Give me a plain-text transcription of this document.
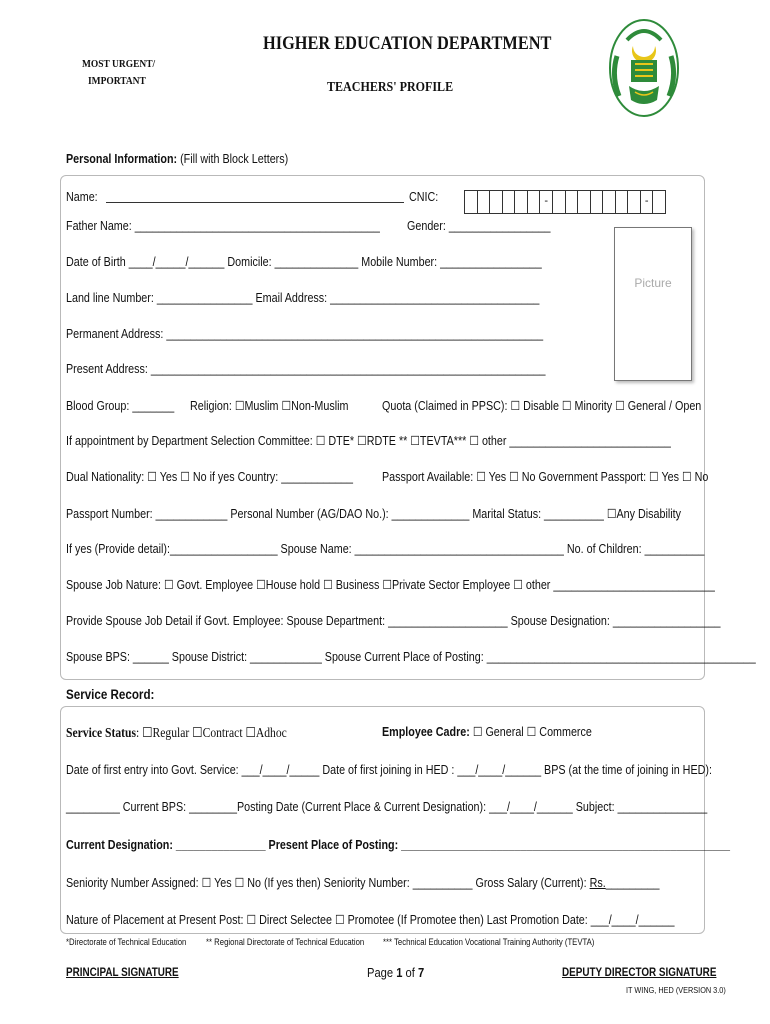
MOST URGENT/
IMPORTANT
HIGHER EDUCATION DEPARTMENT
TEACHERS' PROFILE
Personal Information: (Fill with Block Letters)
Picture
Name:	CNIC:	-	-
Father Name: _________________________________________ Gender: _________________
Date of Birth ____/_____/______ Domicile: ______________ Mobile Number: _________________
Land line Number: ________________ Email Address: ___________________________________
Permanent Address: _______________________________________________________________
Present Address: __________________________________________________________________
Blood Group: _______ Religion: ☐Muslim ☐Non-Muslim	Quota (Claimed in PPSC): ☐ Disable ☐ Minority ☐ General / Open
If appointment by Department Selection Committee: ☐ DTE* ☐RDTE ** ☐TEVTA*** ☐ other ___________________________
Dual Nationality: ☐ Yes ☐ No if yes Country: ____________ Passport Available: ☐ Yes ☐ No Government Passport: ☐ Yes ☐ No
Passport Number: ____________ Personal Number (AG/DAO No.): _____________ Marital Status: __________ ☐Any Disability
If yes (Provide detail):__________________ Spouse Name: ___________________________________ No. of Children: __________
Spouse Job Nature: ☐ Govt. Employee ☐House hold ☐ Business ☐Private Sector Employee ☐ other ___________________________
Provide Spouse Job Detail if Govt. Employee: Spouse Department: ____________________ Spouse Designation: __________________
Spouse BPS: ______ Spouse District: ____________ Spouse Current Place of Posting: _____________________________________________
Service Record:
Service Status: ☐Regular ☐Contract ☐Adhoc	Employee Cadre: ☐ General ☐ Commerce
Date of first entry into Govt. Service: ___/____/_____ Date of first joining in HED : ___/____/______ BPS (at the time of joining in HED):
_________ Current BPS: ________Posting Date (Current Place & Current Designation): ___/____/______ Subject: _______________
Current Designation: _______________ Present Place of Posting: _______________________________________________________
Seniority Number Assigned: ☐ Yes ☐ No (If yes then) Seniority Number: __________ Gross Salary (Current): Rs._________
Nature of Placement at Present Post: ☐ Direct Selectee ☐ Promotee (If Promotee then) Last Promotion Date: ___/____/______
*Directorate of Technical Education ** Regional Directorate of Technical Education *** Technical Education Vocational Training Authority (TEVTA)
PRINCIPAL SIGNATURE	Page 1 of 7	DEPUTY DIRECTOR SIGNATURE
IT WING, HED (VERSION 3.0)
